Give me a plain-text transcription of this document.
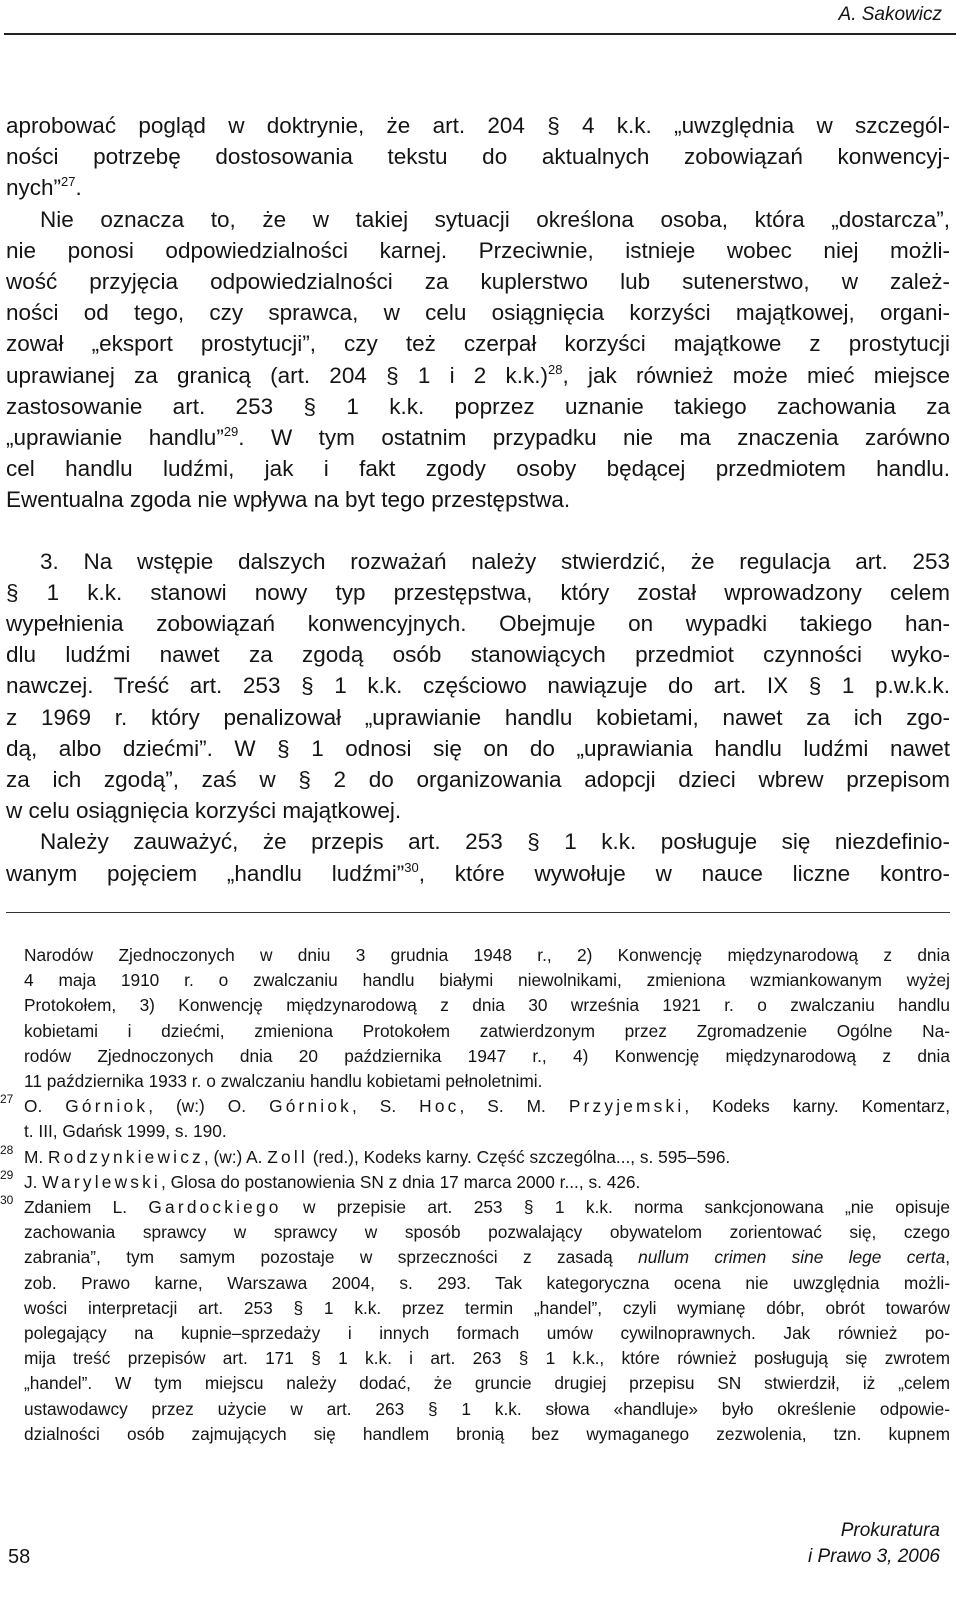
A. Sakowicz
aprobować pogląd w doktrynie, że art. 204 § 4 k.k. „uwzględnia w szczegól-
ności potrzebę dostosowania tekstu do aktualnych zobowiązań konwencyj-
nych”$^{27}$.
Nie oznacza to, że w takiej sytuacji określona osoba, która „dostarcza”,
nie ponosi odpowiedzialności karnej. Przeciwnie, istnieje wobec niej możli-
wość przyjęcia odpowiedzialności za kuplerstwo lub sutenerstwo, w zależ-
ności od tego, czy sprawca, w celu osiągnięcia korzyści majątkowej, organi-
zował „eksport prostytucji”, czy też czerpał korzyści majątkowe z prostytucji
uprawianej za granicą (art. 204 § 1 i 2 k.k.)$^{28}$, jak również może mieć miejsce
zastosowanie art. 253 § 1 k.k. poprzez uznanie takiego zachowania za
„uprawianie handlu”$^{29}$. W tym ostatnim przypadku nie ma znaczenia zarówno
cel handlu ludźmi, jak i fakt zgody osoby będącej przedmiotem handlu.
Ewentualna zgoda nie wpływa na byt tego przestępstwa.
3. Na wstępie dalszych rozważań należy stwierdzić, że regulacja art. 253
§ 1 k.k. stanowi nowy typ przestępstwa, który został wprowadzony celem
wypełnienia zobowiązań konwencyjnych. Obejmuje on wypadki takiego han-
dlu ludźmi nawet za zgodą osób stanowiących przedmiot czynności wyko-
nawczej. Treść art. 253 § 1 k.k. częściowo nawiązuje do art. IX § 1 p.w.k.k.
z 1969 r. który penalizował „uprawianie handlu kobietami, nawet za ich zgo-
dą, albo dziećmi”. W § 1 odnosi się on do „uprawiania handlu ludźmi nawet
za ich zgodą”, zaś w § 2 do organizowania adopcji dzieci wbrew przepisom
w celu osiągnięcia korzyści majątkowej.
Należy zauważyć, że przepis art. 253 § 1 k.k. posługuje się niezdefinio-
wanym pojęciem „handlu ludźmi”$^{30}$, które wywołuje w nauce liczne kontro-
Narodów Zjednoczonych w dniu 3 grudnia 1948 r., 2) Konwencję międzynarodową z dnia
4 maja 1910 r. o zwalczaniu handlu białymi niewolnikami, zmieniona wzmiankowanym wyżej
Protokołem, 3) Konwencję międzynarodową z dnia 30 września 1921 r. o zwalczaniu handlu
kobietami i dziećmi, zmieniona Protokołem zatwierdzonym przez Zgromadzenie Ogólne Na-
rodów Zjednoczonych dnia 20 października 1947 r., 4) Konwencję międzynarodową z dnia
11 października 1933 r. o zwalczaniu handlu kobietami pełnoletnimi.
27 O. Górniok, (w:) O. Górniok, S. Hoc, S. M. Przyjemski, Kodeks karny. Komentarz,
t. III, Gdańsk 1999, s. 190.
28 M. Rodzynkiewicz, (w:) A. Zoll (red.), Kodeks karny. Część szczególna..., s. 595–596.
29 J. Warylewski, Glosa do postanowienia SN z dnia 17 marca 2000 r..., s. 426.
30 Zdaniem L. Gardockiego w przepisie art. 253 § 1 k.k. norma sankcjonowana „nie opisuje
zachowania sprawcy w sprawcy w sposób pozwalający obywatelom zorientować się, czego
zabrania”, tym samym pozostaje w sprzeczności z zasadą nullum crimen sine lege certa,
zob. Prawo karne, Warszawa 2004, s. 293. Tak kategoryczna ocena nie uwzględnia możli-
wości interpretacji art. 253 § 1 k.k. przez termin „handel”, czyli wymianę dóbr, obrót towarów
polegający na kupnie–sprzedaży i innych formach umów cywilnoprawnych. Jak również po-
mija treść przepisów art. 171 § 1 k.k. i art. 263 § 1 k.k., które również posługują się zwrotem
„handel”. W tym miejscu należy dodać, że gruncie drugiej przepisu SN stwierdził, iż „celem
ustawodawcy przez użycie w art. 263 § 1 k.k. słowa «handluje» było określenie odpowie-
dzialności osób zajmujących się handlem bronią bez wymaganego zezwolenia, tzn. kupnem
58
Prokuratura
i Prawo 3, 2006
